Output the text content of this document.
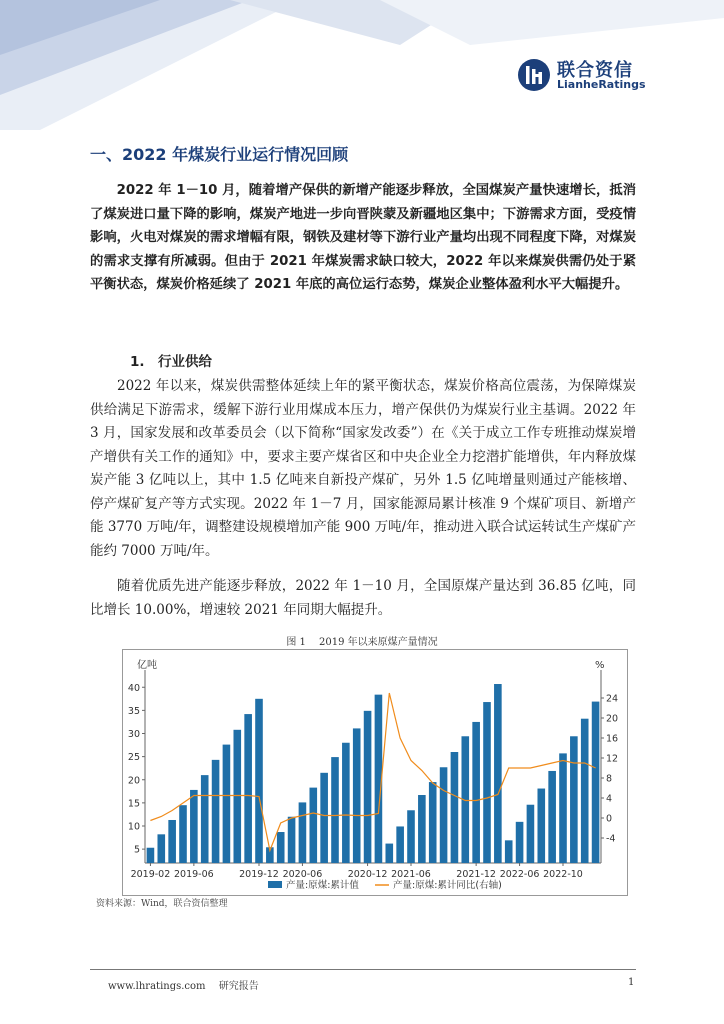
联合资信
LianheRatings
一、2022 年煤炭行业运行情况回顾

2022 年 1－10 月，随着增产保供的新增产能逐步释放，全国煤炭产量快速增长，抵消了煤炭进口量下降的影响，煤炭产地进一步向晋陕蒙及新疆地区集中；下游需求方面，受疫情影响，火电对煤炭的需求增幅有限，钢铁及建材等下游行业产量均出现不同程度下降，对煤炭的需求支撑有所减弱。但由于 2021 年煤炭需求缺口较大，2022 年以来煤炭供需仍处于紧平衡状态，煤炭价格延续了 2021 年底的高位运行态势，煤炭企业整体盈利水平大幅提升。

1.　行业供给

2022 年以来，煤炭供需整体延续上年的紧平衡状态，煤炭价格高位震荡，为保障煤炭供给满足下游需求，缓解下游行业用煤成本压力，增产保供仍为煤炭行业主基调。2022 年 3 月，国家发展和改革委员会（以下简称“国家发改委”）在《关于成立工作专班推动煤炭增产增供有关工作的通知》中，要求主要产煤省区和中央企业全力挖潜扩能增供，年内释放煤炭产能 3 亿吨以上，其中 1.5 亿吨来自新投产煤矿，另外 1.5 亿吨增量则通过产能核增、停产煤矿复产等方式实现。2022 年 1－7 月，国家能源局累计核准 9 个煤矿项目、新增产能 3770 万吨/年，调整建设规模增加产能 900 万吨/年，推动进入联合试运转试生产煤矿产能约 7000 万吨/年。

随着优质先进产能逐步释放，2022 年 1－10 月，全国原煤产量达到 36.85 亿吨，同比增长 10.00%，增速较 2021 年同期大幅提升。

图 1　 2019 年以来原煤产量情况
5
10
15
20
25
30
35
40
-4
0
4
8
12
16
20
24
2019-02 2019-06	2019-12 2020-06	2020-12 2021-06	2021-12 2022-06 2022-10
亿吨	%
产量:原煤:累计值	产量:原煤:累计同比(右轴)
资料来源：Wind，联合资信整理
www.lhratings.com　 研究报告	1
